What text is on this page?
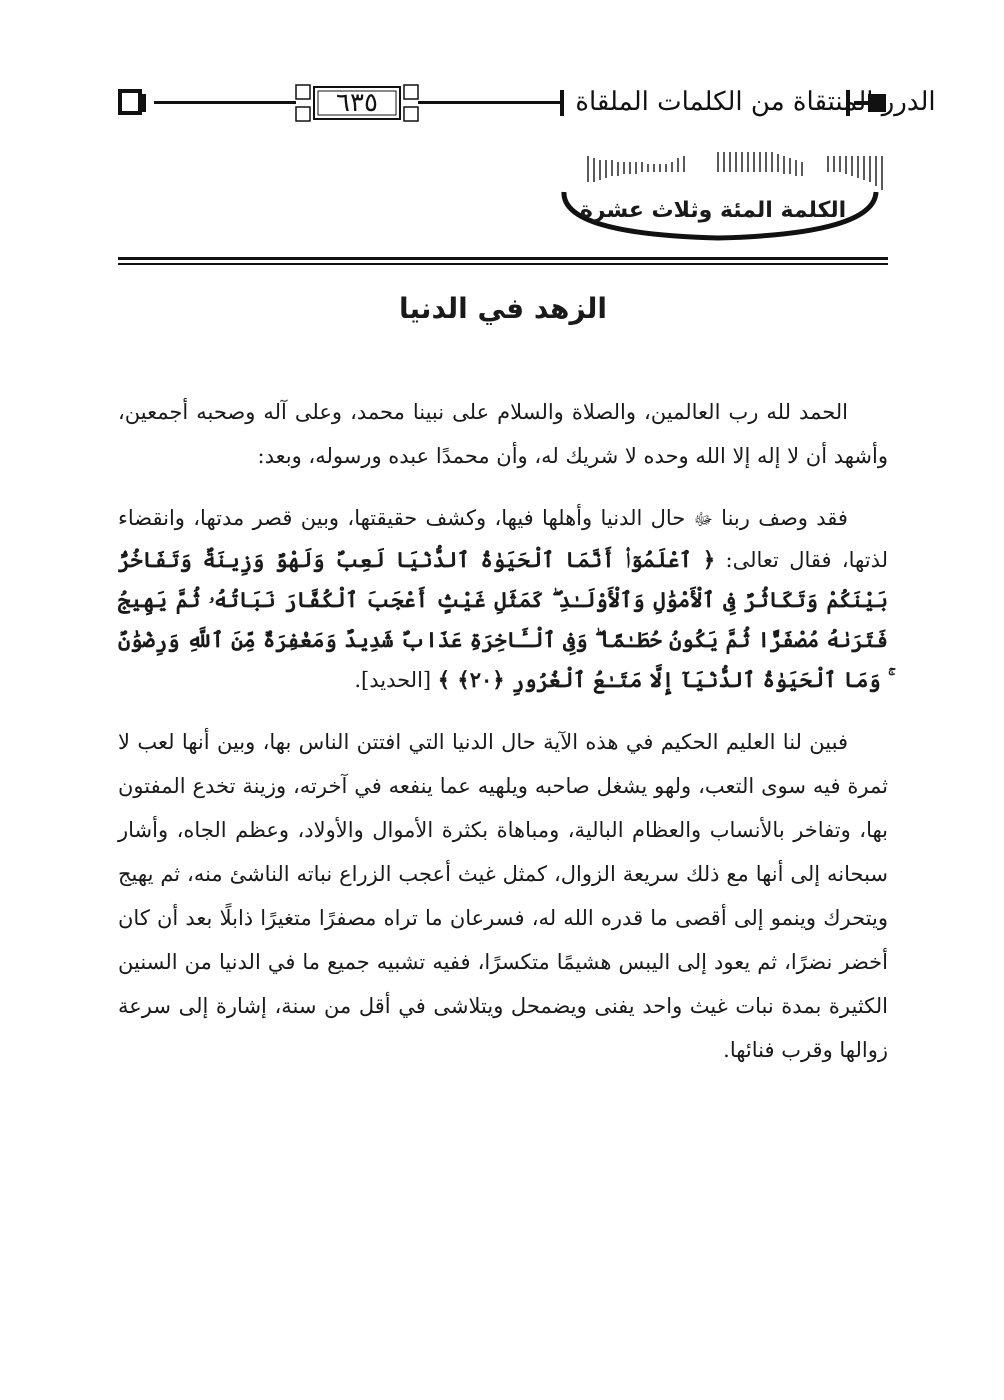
٦٣٥	الدرر المنتقاة من الكلمات الملقاة
الكلمة المئة وثلاث عشرة
الزهد في الدنيا

الحمد لله رب العالمين، والصلاة والسلام على نبينا محمد، وعلى آله وصحبه أجمعين، وأشهد أن لا إله إلا الله وحده لا شريك له، وأن محمدًا عبده ورسوله، وبعد:

فقد وصف ربنا ﷻ حال الدنيا وأهلها فيها، وكشف حقيقتها، وبين قصر مدتها، وانقضاء لذتها، فقال تعالى: ﴿ ٱعْلَمُوٓا۟ أَنَّمَا ٱلْحَيَوٰةُ ٱلدُّنْيَا لَعِبٌ وَلَهْوٌ وَزِينَةٌ وَتَفَاخُرٌۢ بَيْنَكُمْ وَتَكَاثُرٌ فِى ٱلْأَمْوَٰلِ وَٱلْأَوْلَـٰدِ ۖ كَمَثَلِ غَيْثٍ أَعْجَبَ ٱلْكُفَّارَ نَبَاتُهُۥ ثُمَّ يَهِيجُ فَتَرَىٰهُ مُصْفَرًّا ثُمَّ يَكُونُ حُطَـٰمًا ۖ وَفِى ٱلْـَٔاخِرَةِ عَذَابٌ شَدِيدٌ وَمَغْفِرَةٌ مِّنَ ٱللَّهِ وَرِضْوَٰنٌ ۚ وَمَا ٱلْحَيَوٰةُ ٱلدُّنْيَآ إِلَّا مَتَـٰعُ ٱلْغُرُورِ ﴿٢٠﴾ ﴾ [الحديد].

فبين لنا العليم الحكيم في هذه الآية حال الدنيا التي افتتن الناس بها، وبين أنها لعب لا ثمرة فيه سوى التعب، ولهو يشغل صاحبه ويلهيه عما ينفعه في آخرته، وزينة تخدع المفتون بها، وتفاخر بالأنساب والعظام البالية، ومباهاة بكثرة الأموال والأولاد، وعظم الجاه، وأشار سبحانه إلى أنها مع ذلك سريعة الزوال، كمثل غيث أعجب الزراع نباته الناشئ منه، ثم يهيج ويتحرك وينمو إلى أقصى ما قدره الله له، فسرعان ما تراه مصفرًا متغيرًا ذابلًا بعد أن كان أخضر نضرًا، ثم يعود إلى اليبس هشيمًا متكسرًا، ففيه تشبيه جميع ما في الدنيا من السنين الكثيرة بمدة نبات غيث واحد يفنى ويضمحل ويتلاشى في أقل من سنة، إشارة إلى سرعة زوالها وقرب فنائها.
